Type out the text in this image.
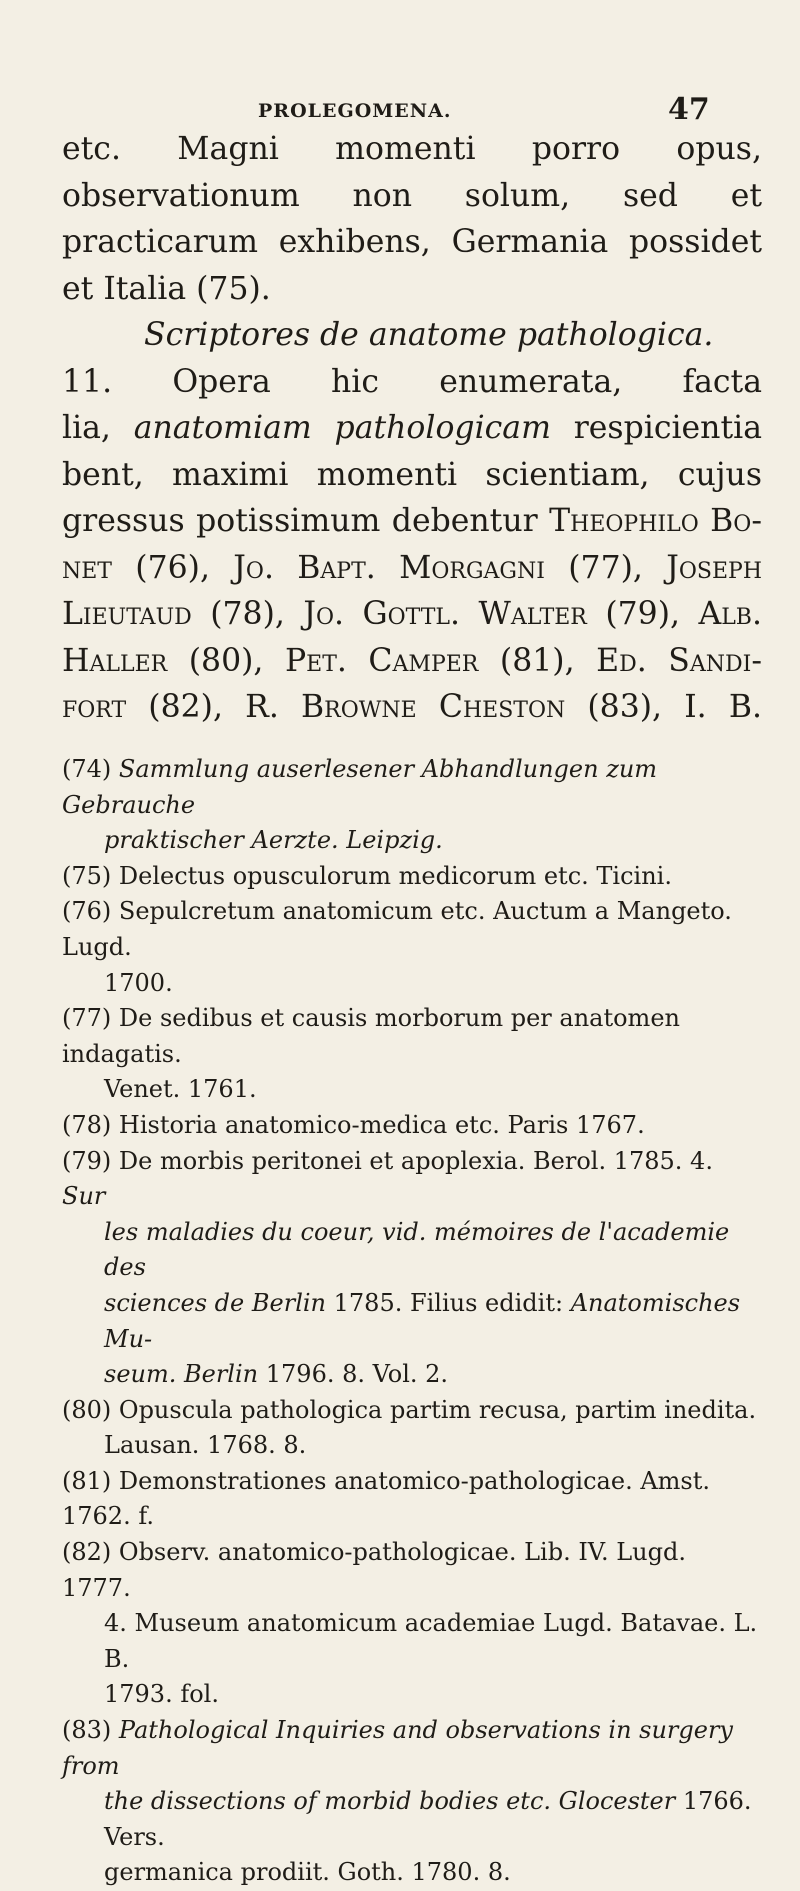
PROLEGOMENA.	47
etc. Magni momenti porro opus,
observationum non solum, sed et
practicarum exhibens, Germania possidet
et Italia (75).
Scriptores de anatome pathologica.
11. Opera hic enumerata, facta
lia, anatomiam pathologicam respicientia
bent, maximi momenti scientiam, cujus
gressus potissimum debentur Theophilo Bo-
net (76), Jo. Bapt. Morgagni (77), Joseph
Lieutaud (78), Jo. Gottl. Walter (79), Alb.
Haller (80), Pet. Camper (81), Ed. Sandi-
fort (82), R. Browne Cheston (83), I. B.
(74) Sammlung auserlesener Abhandlungen zum Gebrauche
praktischer Aerzte. Leipzig.
(75) Delectus opusculorum medicorum etc. Ticini.
(76) Sepulcretum anatomicum etc. Auctum a Mangeto. Lugd.
1700.
(77) De sedibus et causis morborum per anatomen indagatis.
Venet. 1761.
(78) Historia anatomico-medica etc. Paris 1767.
(79) De morbis peritonei et apoplexia. Berol. 1785. 4. Sur
les maladies du coeur, vid. mémoires de l'academie des
sciences de Berlin 1785. Filius edidit: Anatomisches Mu-
seum. Berlin 1796. 8. Vol. 2.
(80) Opuscula pathologica partim recusa, partim inedita.
Lausan. 1768. 8.
(81) Demonstrationes anatomico-pathologicae. Amst. 1762. f.
(82) Observ. anatomico-pathologicae. Lib. IV. Lugd. 1777.
4. Museum anatomicum academiae Lugd. Batavae. L. B.
1793. fol.
(83) Pathological Inquiries and observations in surgery from
the dissections of morbid bodies etc. Glocester 1766. Vers.
germanica prodiit. Goth. 1780. 8.
